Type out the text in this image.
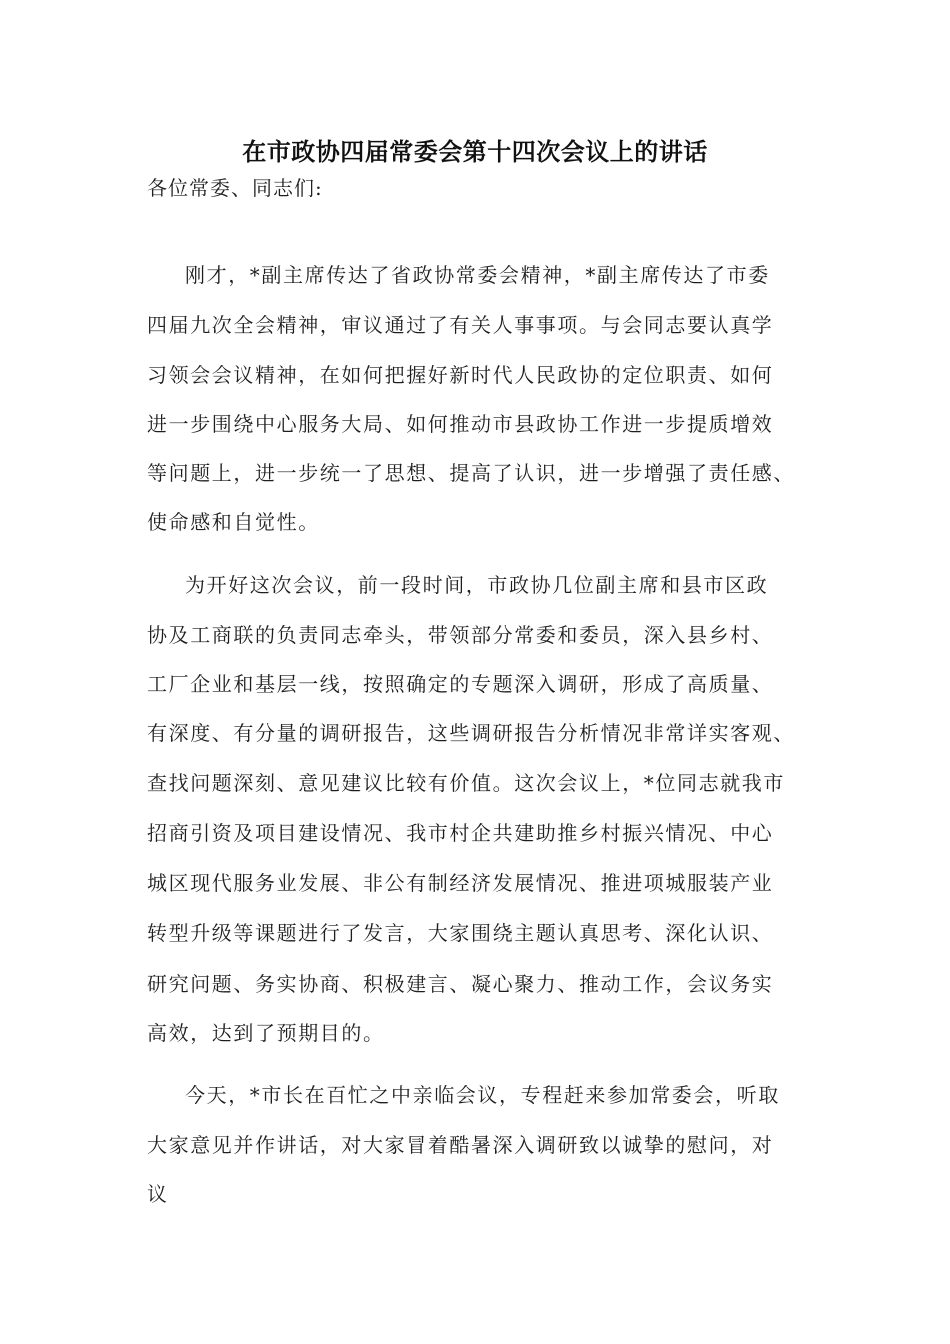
在市政协四届常委会第十四次会议上的讲话
各位常委、同志们:
刚才，*副主席传达了省政协常委会精神，*副主席传达了市委
四届九次全会精神，审议通过了有关人事事项。与会同志要认真学
习领会会议精神，在如何把握好新时代人民政协的定位职责、如何
进一步围绕中心服务大局、如何推动市县政协工作进一步提质增效
等问题上，进一步统一了思想、提高了认识，进一步增强了责任感、
使命感和自觉性。
为开好这次会议，前一段时间，市政协几位副主席和县市区政
协及工商联的负责同志牵头，带领部分常委和委员，深入县乡村、
工厂企业和基层一线，按照确定的专题深入调研，形成了高质量、
有深度、有分量的调研报告，这些调研报告分析情况非常详实客观、
查找问题深刻、意见建议比较有价值。这次会议上，*位同志就我市
招商引资及项目建设情况、我市村企共建助推乡村振兴情况、中心
城区现代服务业发展、非公有制经济发展情况、推进项城服装产业
转型升级等课题进行了发言，大家围绕主题认真思考、深化认识、
研究问题、务实协商、积极建言、凝心聚力、推动工作，会议务实
高效，达到了预期目的。
今天，*市长在百忙之中亲临会议，专程赶来参加常委会，听取
大家意见并作讲话，对大家冒着酷暑深入调研致以诚挚的慰问，对
议
